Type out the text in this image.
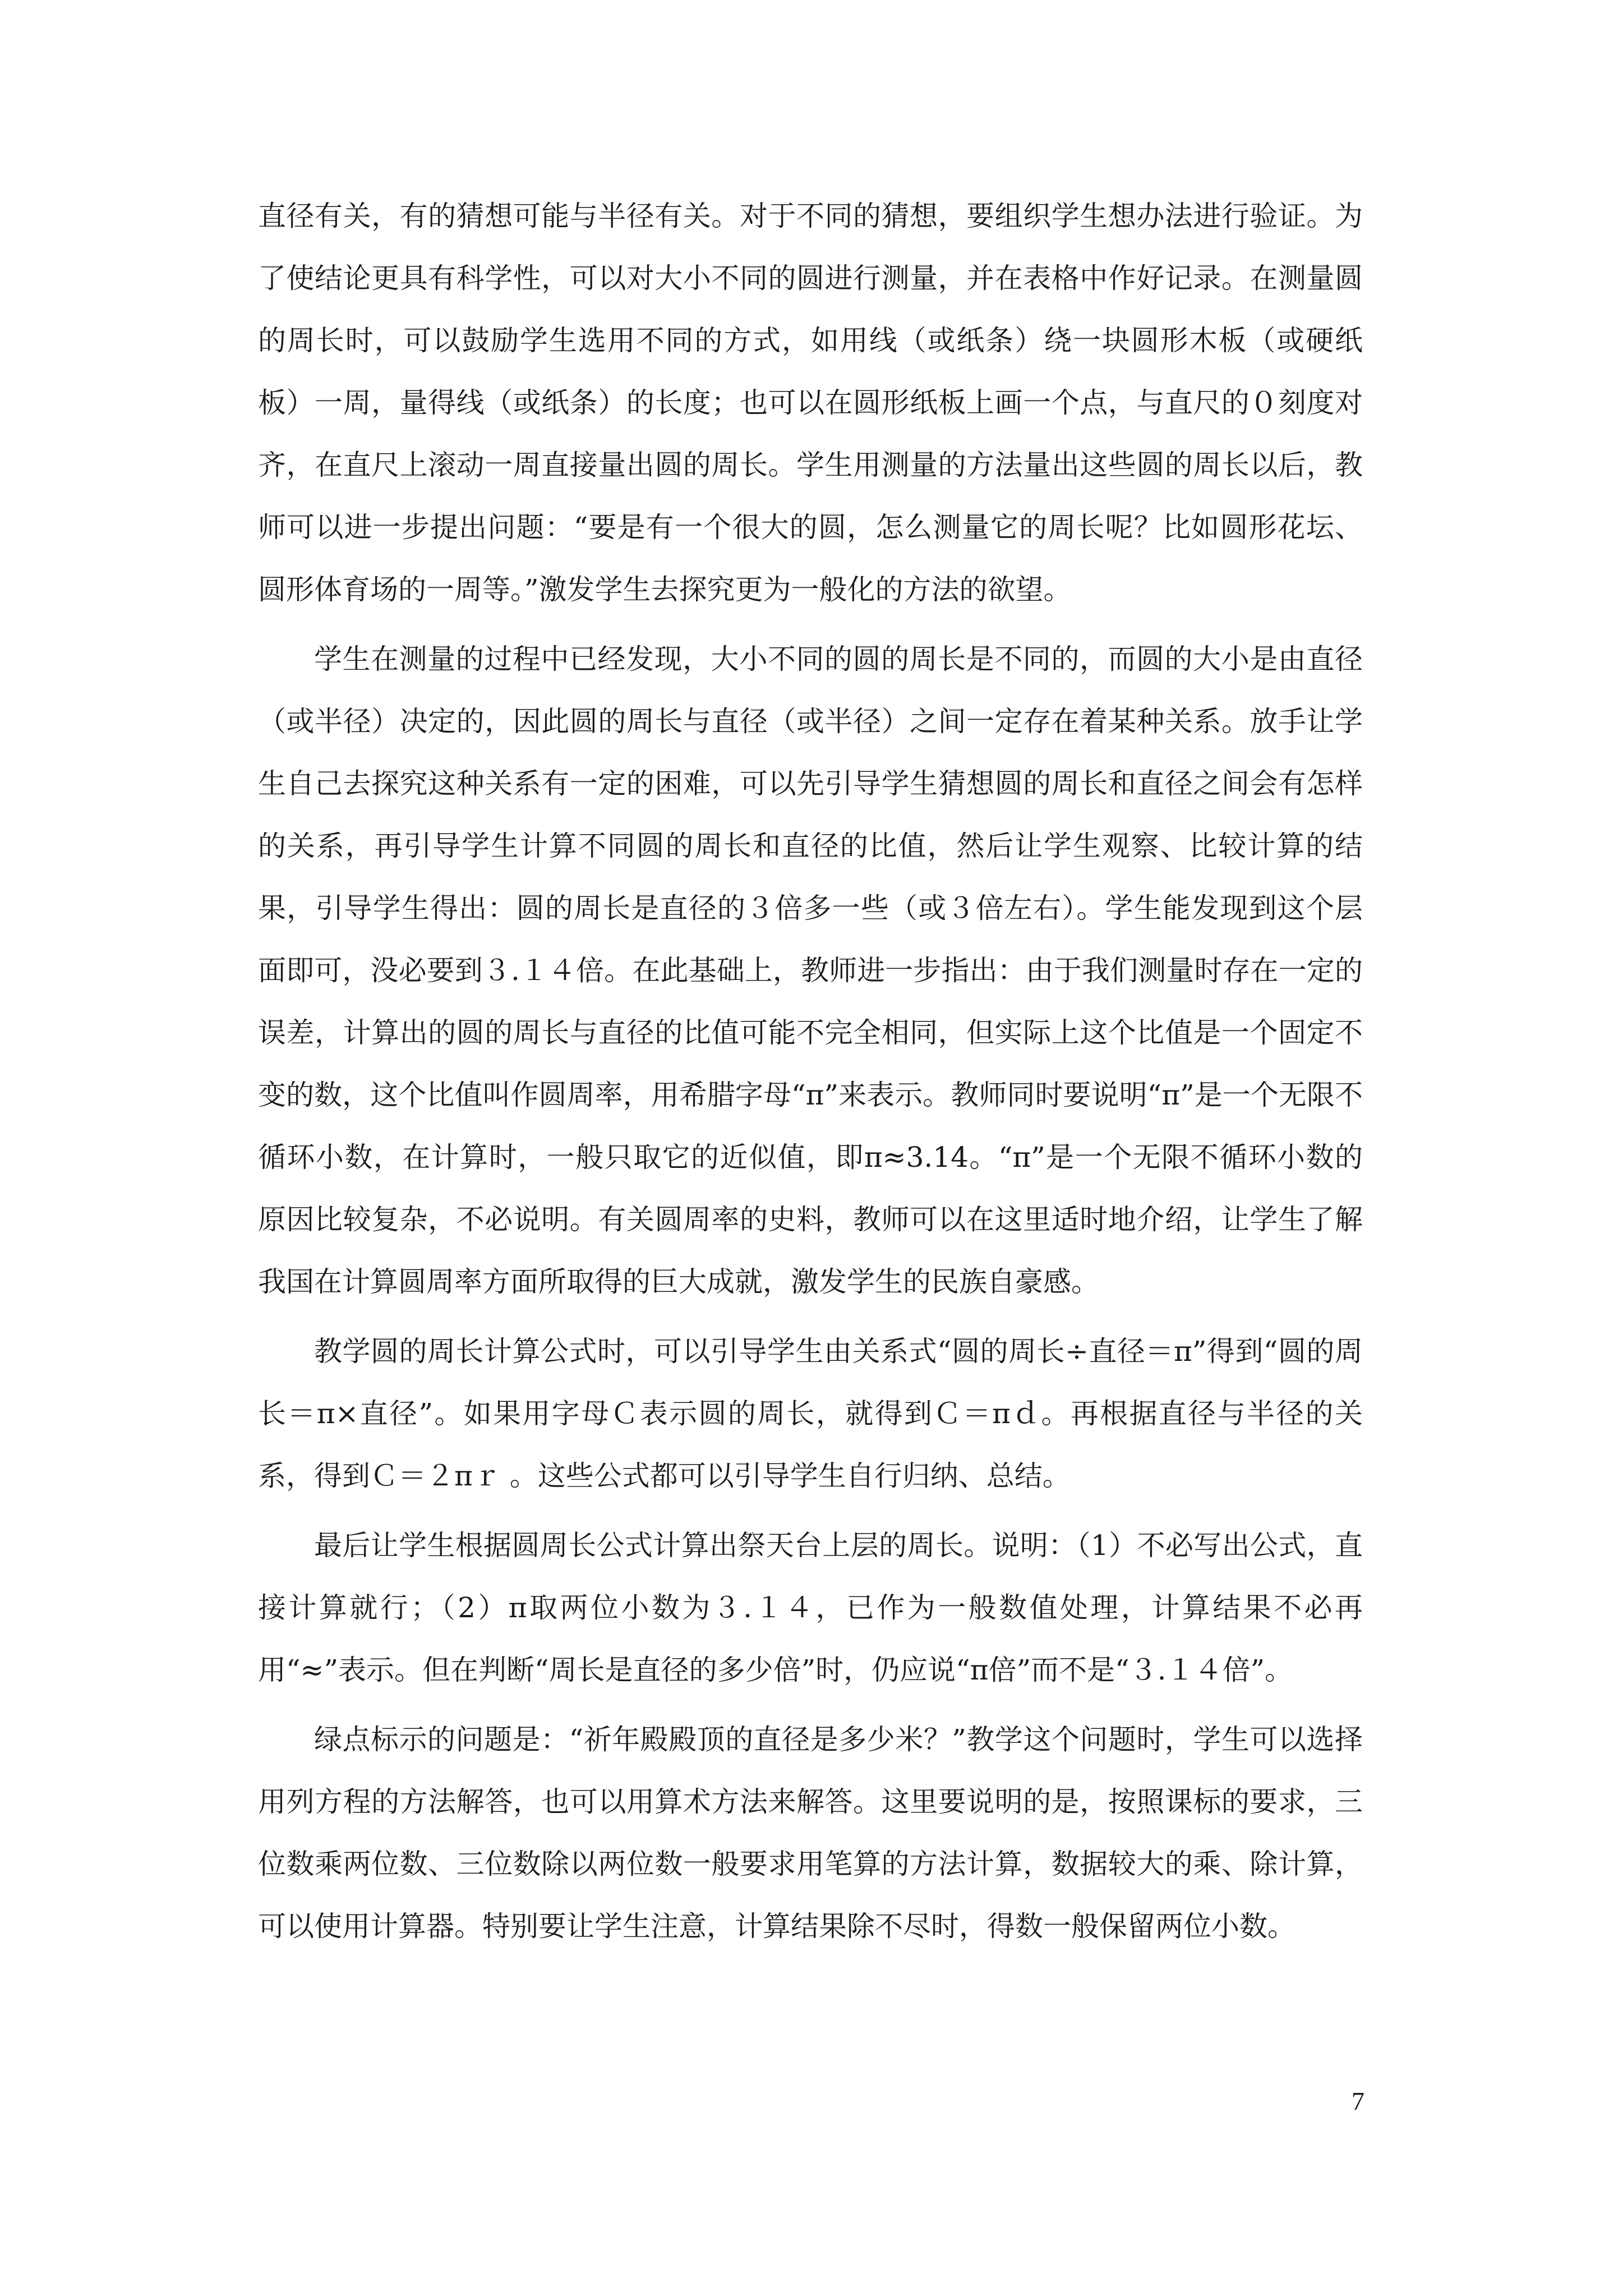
直径有关，有的猜想可能与半径有关。对于不同的猜想，要组织学生想办法进行验证。为了使结论更具有科学性，可以对大小不同的圆进行测量，并在表格中作好记录。在测量圆的周长时，可以鼓励学生选用不同的方式，如用线（或纸条）绕一块圆形木板（或硬纸板）一周，量得线（或纸条）的长度；也可以在圆形纸板上画一个点，与直尺的０刻度对齐，在直尺上滚动一周直接量出圆的周长。学生用测量的方法量出这些圆的周长以后，教师可以进一步提出问题：“要是有一个很大的圆，怎么测量它的周长呢？比如圆形花坛、圆形体育场的一周等。”激发学生去探究更为一般化的方法的欲望。

学生在测量的过程中已经发现，大小不同的圆的周长是不同的，而圆的大小是由直径（或半径）决定的，因此圆的周长与直径（或半径）之间一定存在着某种关系。放手让学生自己去探究这种关系有一定的困难，可以先引导学生猜想圆的周长和直径之间会有怎样的关系，再引导学生计算不同圆的周长和直径的比值，然后让学生观察、比较计算的结果，引导学生得出：圆的周长是直径的３倍多一些（或３倍左右）。学生能发现到这个层面即可，没必要到３.１４倍。在此基础上，教师进一步指出：由于我们测量时存在一定的误差，计算出的圆的周长与直径的比值可能不完全相同，但实际上这个比值是一个固定不变的数，这个比值叫作圆周率，用希腊字母“π”来表示。教师同时要说明“π”是一个无限不循环小数，在计算时，一般只取它的近似值，即π≈3.14。“π”是一个无限不循环小数的原因比较复杂，不必说明。有关圆周率的史料，教师可以在这里适时地介绍，让学生了解我国在计算圆周率方面所取得的巨大成就，激发学生的民族自豪感。

教学圆的周长计算公式时，可以引导学生由关系式“圆的周长÷直径＝π”得到“圆的周长＝π×直径”。如果用字母Ｃ表示圆的周长，就得到Ｃ＝πｄ。再根据直径与半径的关系，得到Ｃ＝２πｒ 。这些公式都可以引导学生自行归纳、总结。

最后让学生根据圆周长公式计算出祭天台上层的周长。说明：（1）不必写出公式，直接计算就行；（2）π取两位小数为３.１４，已作为一般数值处理，计算结果不必再用“≈”表示。但在判断“周长是直径的多少倍”时，仍应说“π倍”而不是“３.１４倍”。

绿点标示的问题是：“祈年殿殿顶的直径是多少米？”教学这个问题时，学生可以选择用列方程的方法解答，也可以用算术方法来解答。这里要说明的是，按照课标的要求，三位数乘两位数、三位数除以两位数一般要求用笔算的方法计算，数据较大的乘、除计算，可以使用计算器。特别要让学生注意，计算结果除不尽时，得数一般保留两位小数。

7
